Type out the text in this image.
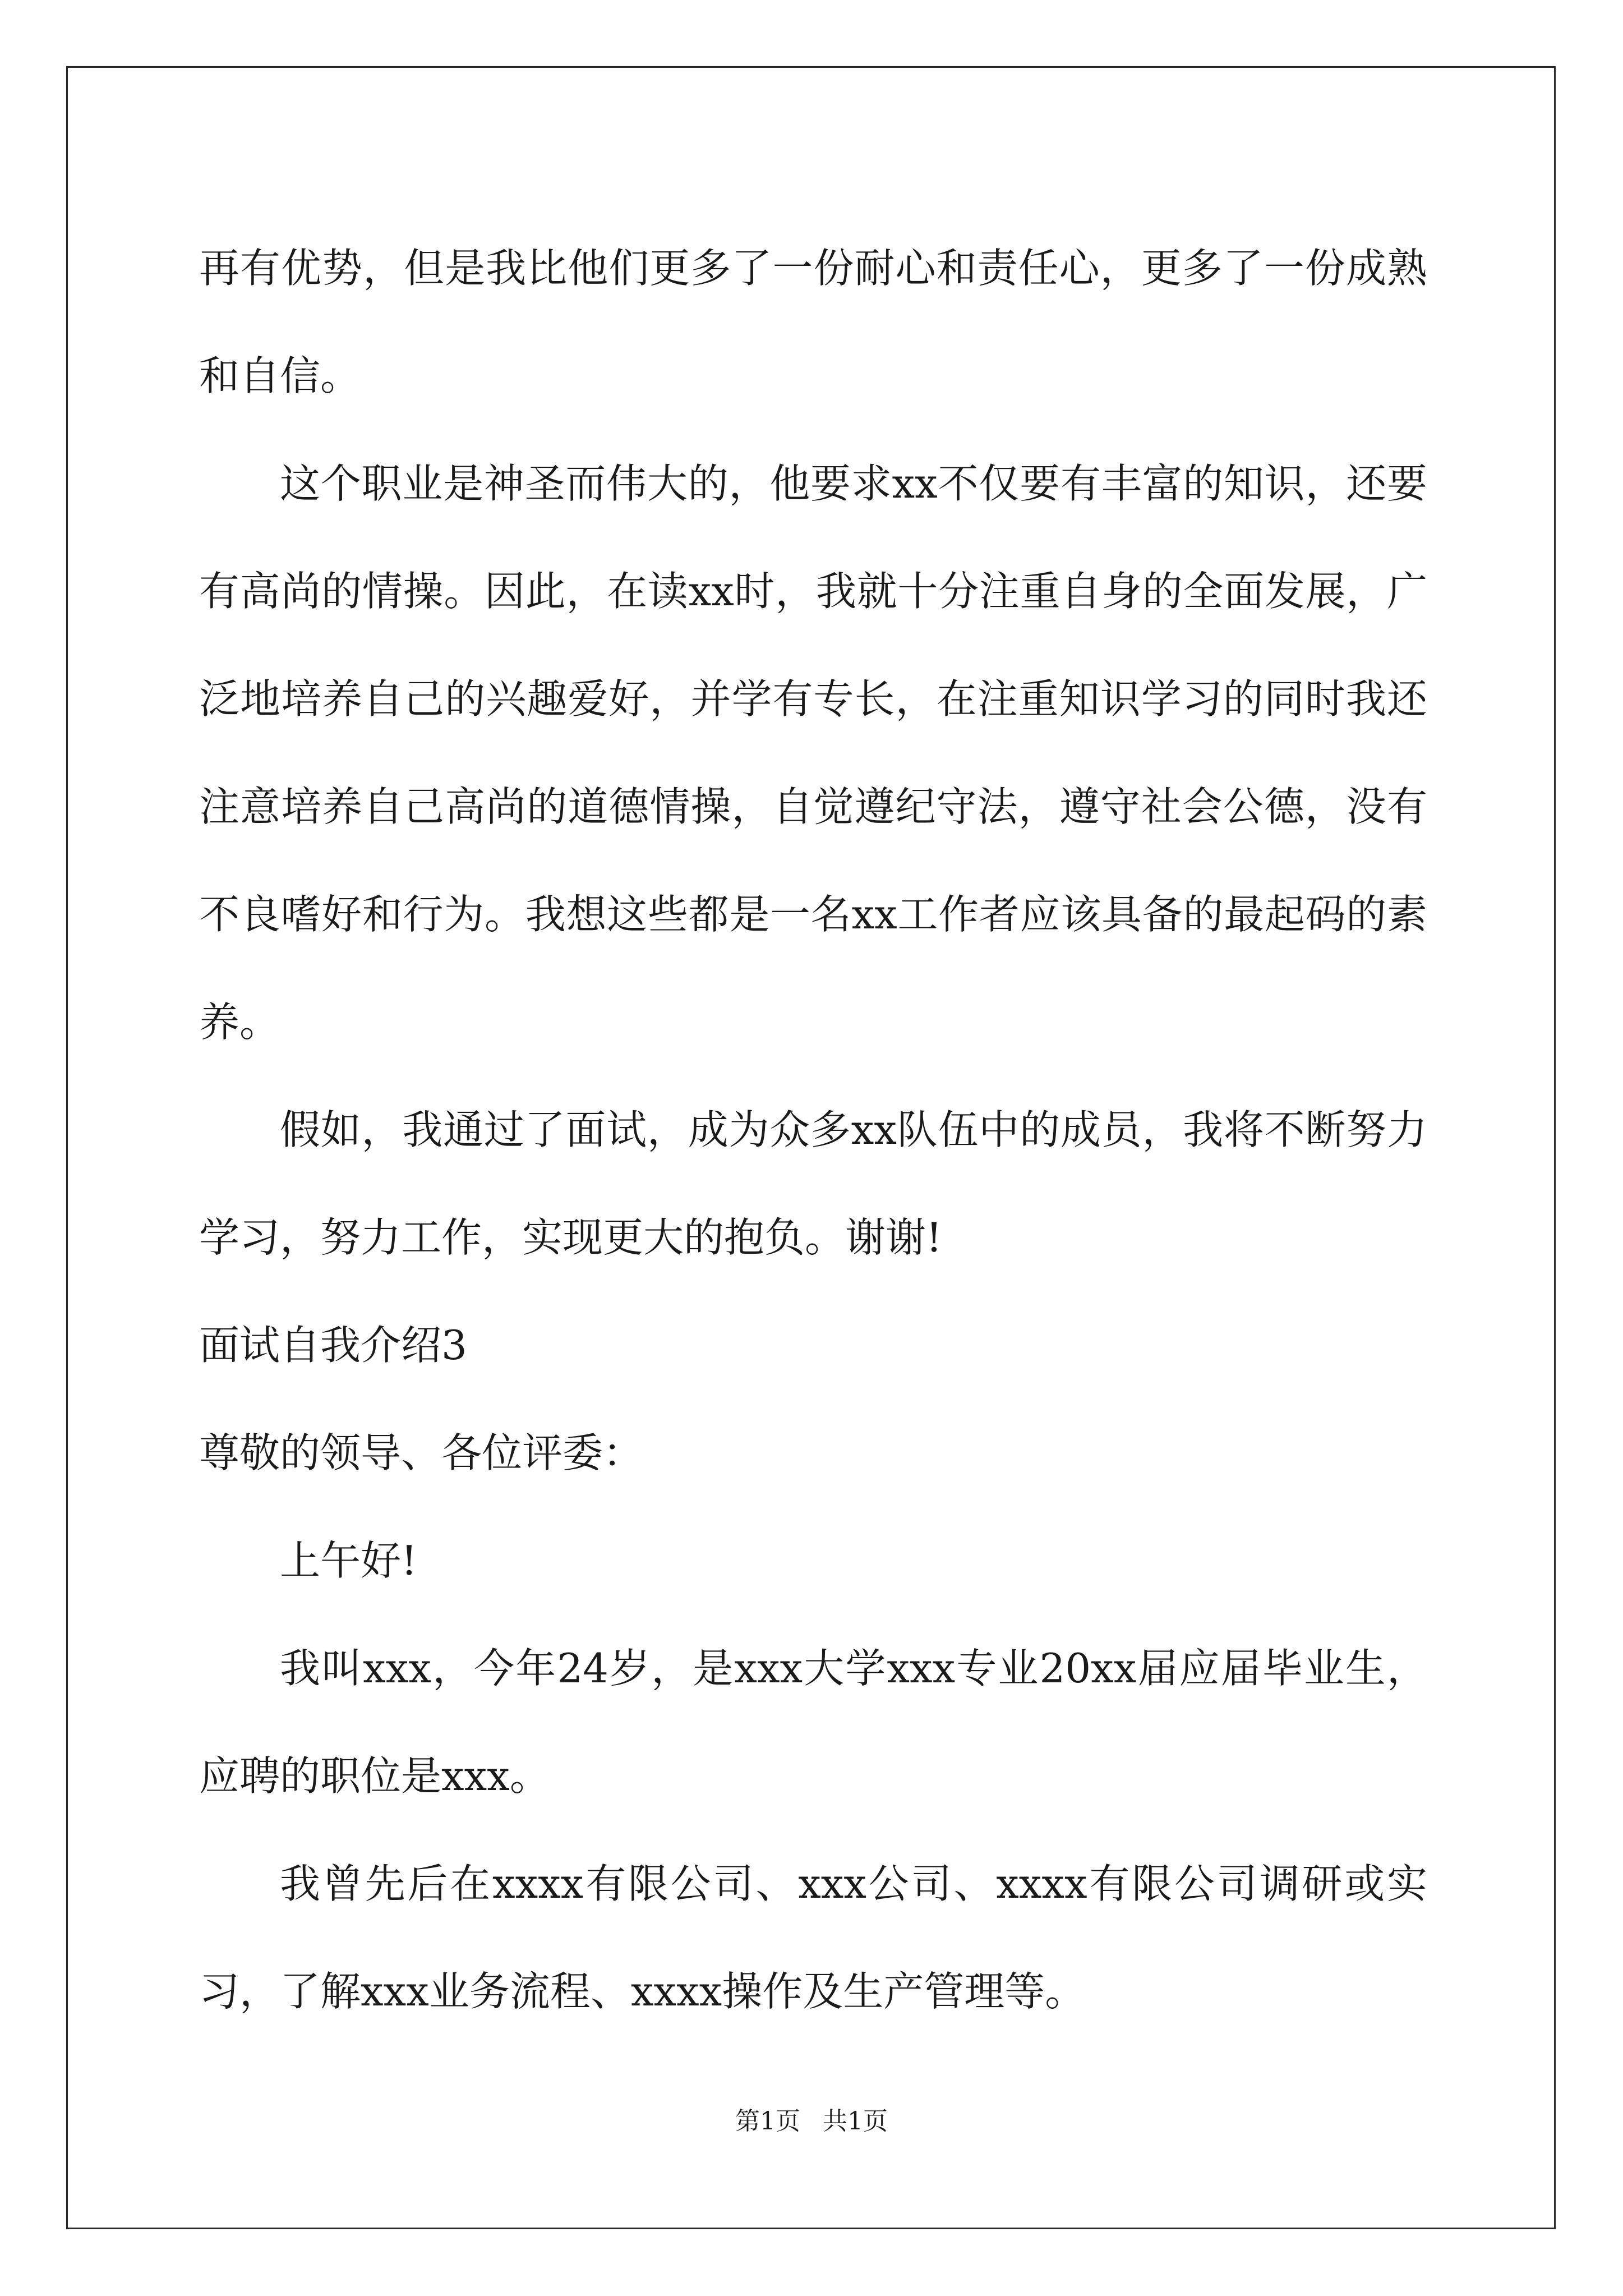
再有优势，但是我比他们更多了一份耐心和责任心，更多了一份成熟和自信。

这个职业是神圣而伟大的，他要求xx不仅要有丰富的知识，还要有高尚的情操。因此，在读xx时，我就十分注重自身的全面发展，广泛地培养自己的兴趣爱好，并学有专长，在注重知识学习的同时我还注意培养自己高尚的道德情操，自觉遵纪守法，遵守社会公德，没有不良嗜好和行为。我想这些都是一名xx工作者应该具备的最起码的素养。

假如，我通过了面试，成为众多xx队伍中的成员，我将不断努力学习，努力工作，实现更大的抱负。谢谢!

面试自我介绍3

尊敬的领导、各位评委：

上午好!

我叫xxx，今年24岁，是xxx大学xxx专业20xx届应届毕业生，应聘的职位是xxx。

我曾先后在xxxx有限公司、xxx公司、xxxx有限公司调研或实习，了解xxx业务流程、xxxx操作及生产管理等。

第1页 共1页
